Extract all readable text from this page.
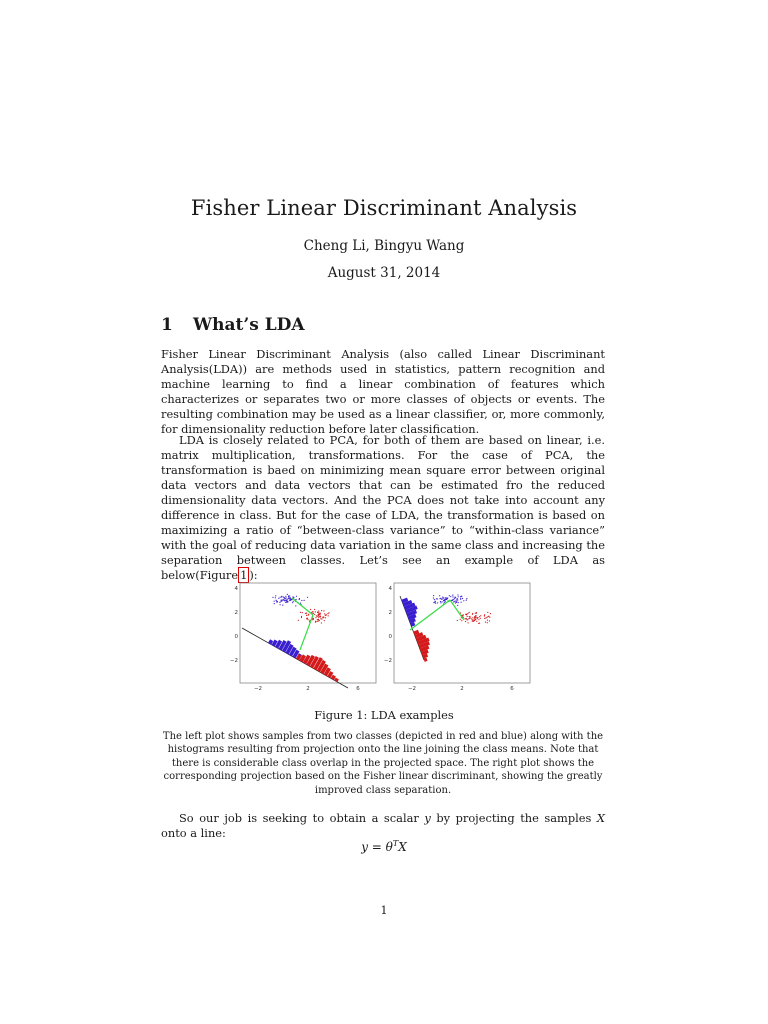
Fisher Linear Discriminant Analysis
Cheng Li, Bingyu Wang
August 31, 2014
1 What’s LDA
Fisher Linear Discriminant Analysis (also called Linear Discriminant Analysis(LDA)) are methods used in statistics, pattern recognition and machine learning to find a linear combination of features which characterizes or separates two or more classes of objects or events. The resulting combination may be used as a linear classifier, or, more commonly, for dimensionality reduction before later classification.
LDA is closely related to PCA, for both of them are based on linear, i.e. matrix multiplication, transformations. For the case of PCA, the transformation is baed on minimizing mean square error between original data vectors and data vectors that can be estimated fro the reduced dimensionality data vectors. And the PCA does not take into account any difference in class. But for the case of LDA, the transformation is based on maximizing a ratio of “between-class variance” to “within-class variance” with the goal of reducing data variation in the same class and increasing the separation between classes. Let’s see an example of LDA as below(Figure 1 ):
4
2
0
−2
−2	2	6
4
2
0
−2
−2	2	6
Figure 1: LDA examples
The left plot shows samples from two classes (depicted in red and blue) along with the histograms resulting from projection onto the line joining the class means. Note that there is considerable class overlap in the projected space. The right plot shows the corresponding projection based on the Fisher linear discriminant, showing the greatly improved class separation.
So our job is seeking to obtain a scalar y by projecting the samples X onto a line:
$y = \theta^TX$
1
